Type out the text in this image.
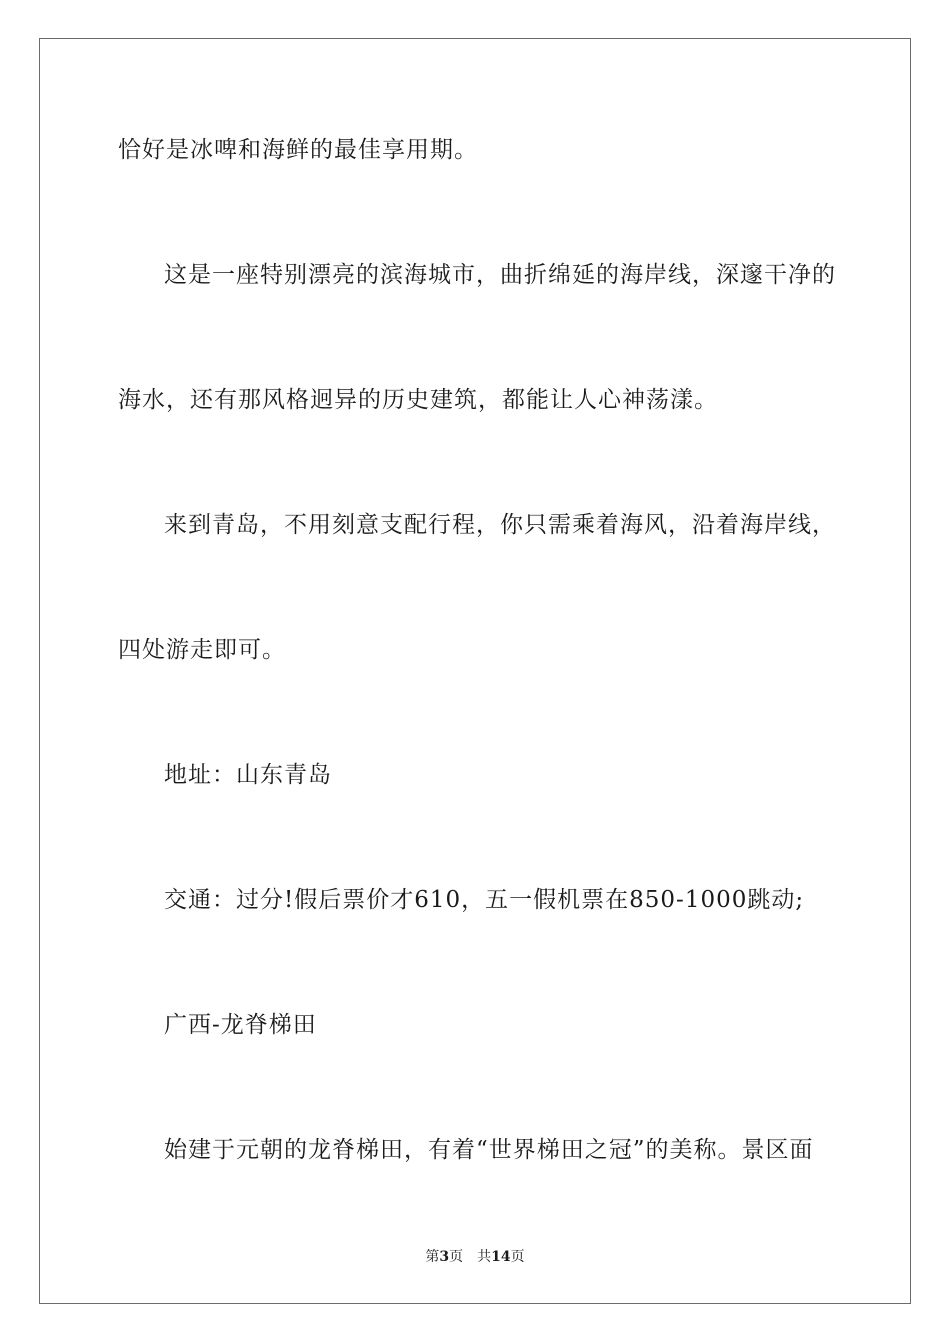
恰好是冰啤和海鲜的最佳享用期。
这是一座特别漂亮的滨海城市，曲折绵延的海岸线，深邃干净的
海水，还有那风格迥异的历史建筑，都能让人心神荡漾。
来到青岛，不用刻意支配行程，你只需乘着海风，沿着海岸线，
四处游走即可。
地址：山东青岛
交通：过分!假后票价才610，五一假机票在850-1000跳动;
广西-龙脊梯田
始建于元朝的龙脊梯田，有着“世界梯田之冠”的美称。景区面
第3页 共14页
